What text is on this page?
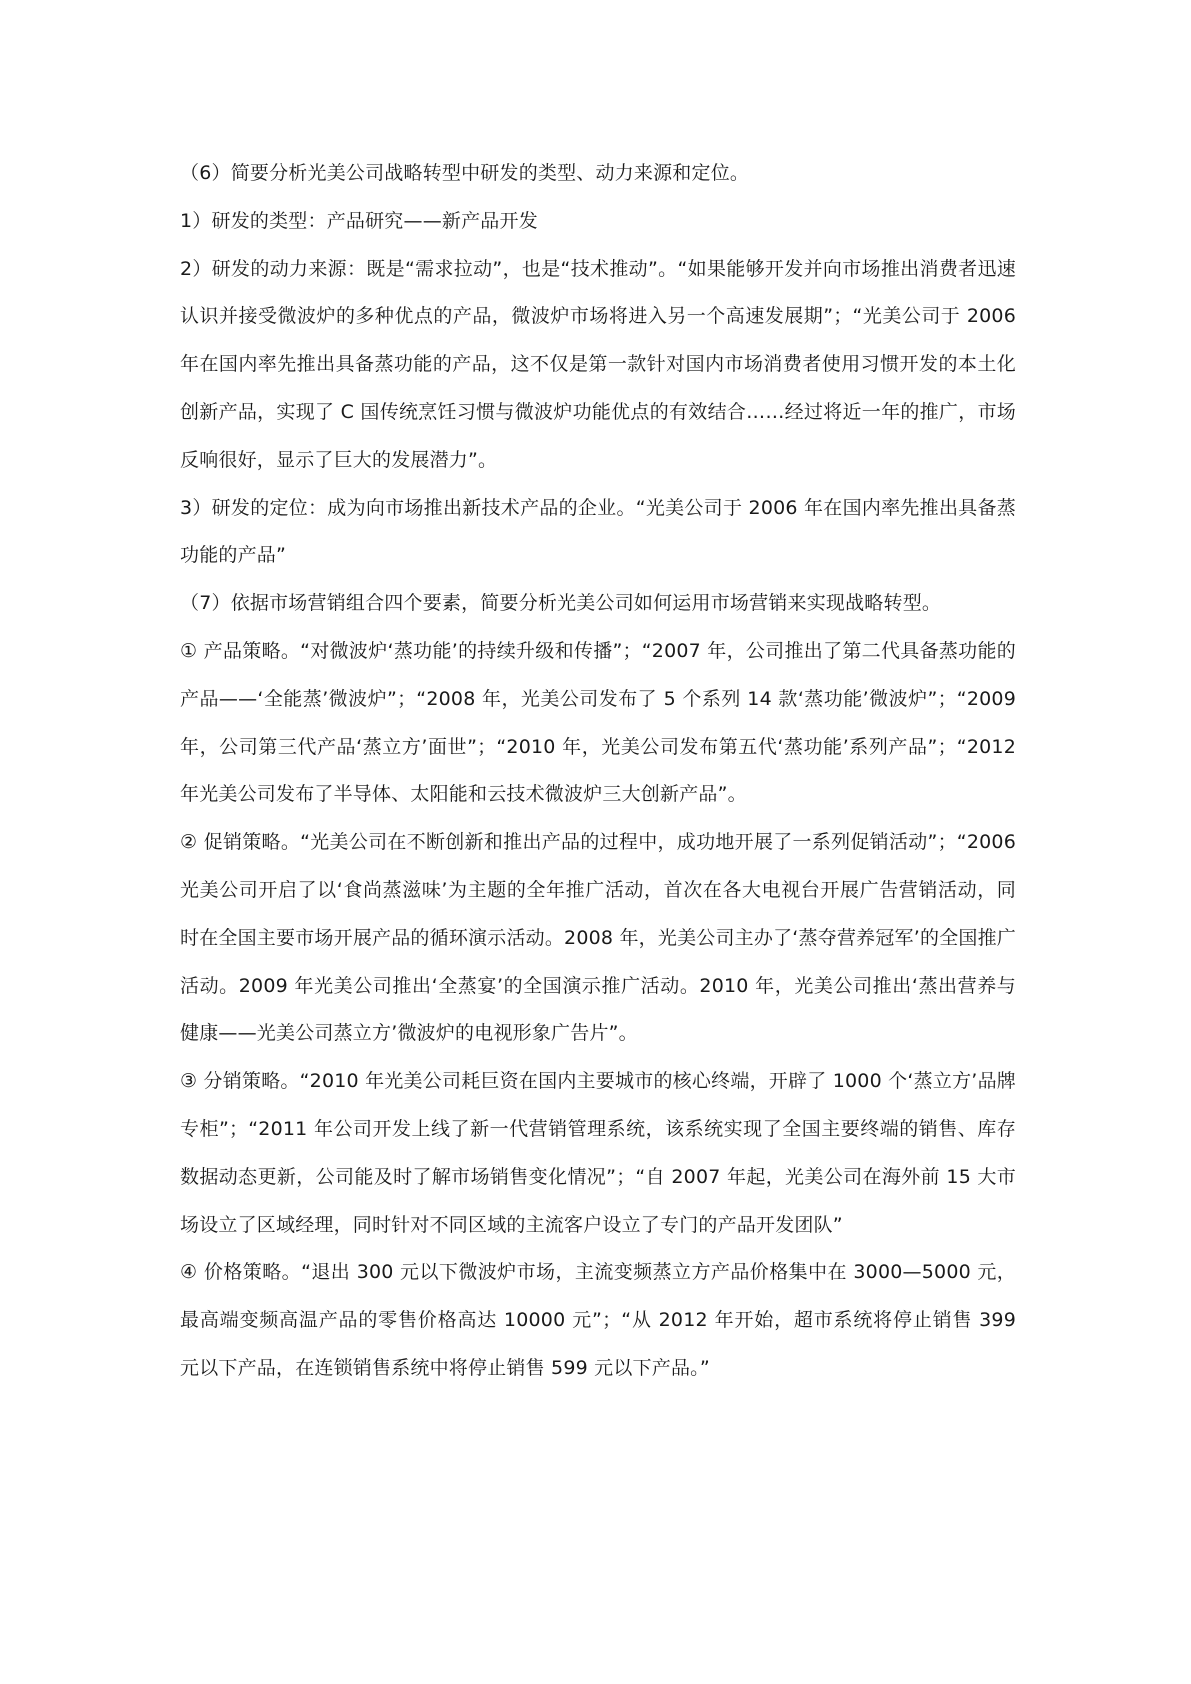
（6）简要分析光美公司战略转型中研发的类型、动力来源和定位。

1）研发的类型：产品研究——新产品开发

2）研发的动力来源：既是“需求拉动”，也是“技术推动”。“如果能够开发并向市场推出消费者迅速认识并接受微波炉的多种优点的产品，微波炉市场将进入另一个高速发展期”；“光美公司于 2006 年在国内率先推出具备蒸功能的产品，这不仅是第一款针对国内市场消费者使用习惯开发的本土化创新产品，实现了 C 国传统烹饪习惯与微波炉功能优点的有效结合……经过将近一年的推广，市场反响很好，显示了巨大的发展潜力”。

3）研发的定位：成为向市场推出新技术产品的企业。“光美公司于 2006 年在国内率先推出具备蒸功能的产品”

（7）依据市场营销组合四个要素，简要分析光美公司如何运用市场营销来实现战略转型。

① 产品策略。“对微波炉‘蒸功能’的持续升级和传播”；“2007 年，公司推出了第二代具备蒸功能的产品——‘全能蒸’微波炉”；“2008 年，光美公司发布了 5 个系列 14 款‘蒸功能’微波炉”；“2009 年，公司第三代产品‘蒸立方’面世”；“2010 年，光美公司发布第五代‘蒸功能’系列产品”；“2012 年光美公司发布了半导体、太阳能和云技术微波炉三大创新产品”。

② 促销策略。“光美公司在不断创新和推出产品的过程中，成功地开展了一系列促销活动”；“2006 光美公司开启了以‘食尚蒸滋味’为主题的全年推广活动，首次在各大电视台开展广告营销活动，同时在全国主要市场开展产品的循环演示活动。2008 年，光美公司主办了‘蒸夺营养冠军’的全国推广活动。2009 年光美公司推出‘全蒸宴’的全国演示推广活动。2010 年，光美公司推出‘蒸出营养与健康——光美公司蒸立方’微波炉的电视形象广告片”。

③ 分销策略。“2010 年光美公司耗巨资在国内主要城市的核心终端，开辟了 1000 个‘蒸立方’品牌专柜”；“2011 年公司开发上线了新一代营销管理系统，该系统实现了全国主要终端的销售、库存数据动态更新，公司能及时了解市场销售变化情况”；“自 2007 年起，光美公司在海外前 15 大市场设立了区域经理，同时针对不同区域的主流客户设立了专门的产品开发团队”

④ 价格策略。“退出 300 元以下微波炉市场，主流变频蒸立方产品价格集中在 3000—5000 元，最高端变频高温产品的零售价格高达 10000 元”；“从 2012 年开始，超市系统将停止销售 399 元以下产品，在连锁销售系统中将停止销售 599 元以下产品。”
